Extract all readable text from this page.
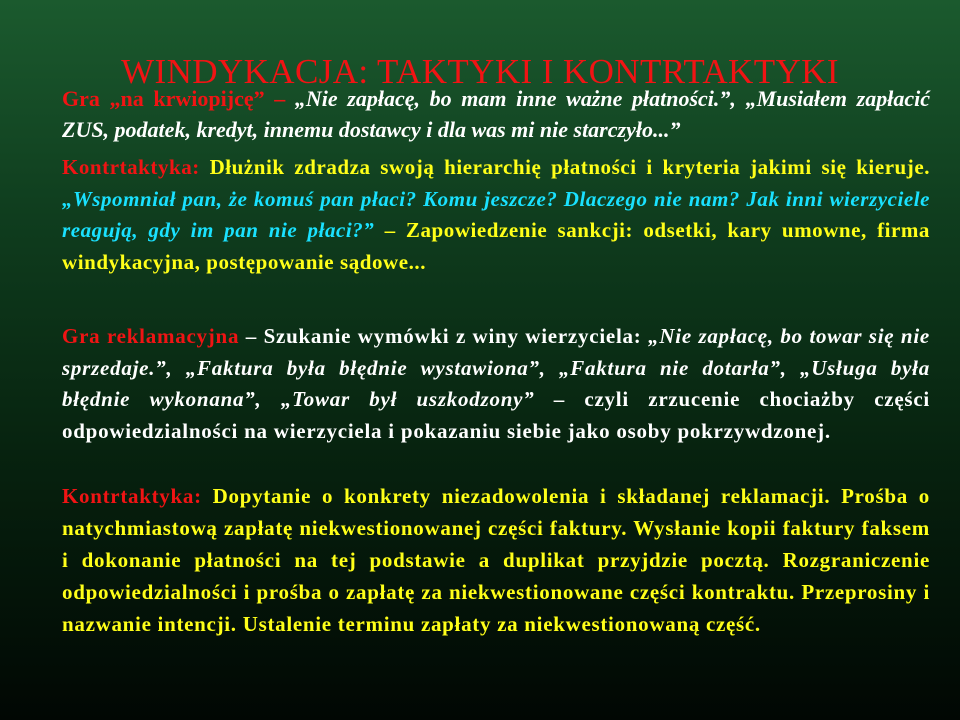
WINDYKACJA: TAKTYKI I KONTRTAKTYKI

Gra „na krwiopijcę” – „Nie zapłacę, bo mam inne ważne płatności.”, „Musiałem zapłacić ZUS, podatek, kredyt, innemu dostawcy i dla was mi nie starczyło...”

Kontrtaktyka: Dłużnik zdradza swoją hierarchię płatności i kryteria jakimi się kieruje. „Wspomniał pan, że komuś pan płaci? Komu jeszcze? Dlaczego nie nam? Jak inni wierzyciele reagują, gdy im pan nie płaci?” – Zapowiedzenie sankcji: odsetki, kary umowne, firma windykacyjna, postępowanie sądowe...

Gra reklamacyjna – Szukanie wymówki z winy wierzyciela: „Nie zapłacę, bo towar się nie sprzedaje.”, „Faktura była błędnie wystawiona”, „Faktura nie dotarła”, „Usługa była błędnie wykonana”, „Towar był uszkodzony” – czyli zrzucenie chociażby części odpowiedzialności na wierzyciela i pokazaniu siebie jako osoby pokrzywdzonej.

Kontrtaktyka: Dopytanie o konkrety niezadowolenia i składanej reklamacji. Prośba o natychmiastową zapłatę niekwestionowanej części faktury. Wysłanie kopii faktury faksem i dokonanie płatności na tej podstawie a duplikat przyjdzie pocztą. Rozgraniczenie odpowiedzialności i prośba o zapłatę za niekwestionowane części kontraktu. Przeprosiny i nazwanie intencji. Ustalenie terminu zapłaty za niekwestionowaną część.
